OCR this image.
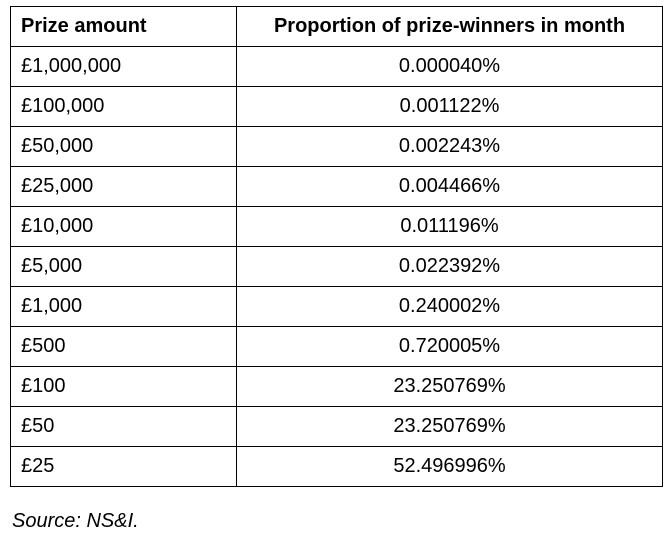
Prize amount	Proportion of prize-winners in month
£1,000,000	0.000040%
£100,000	0.001122%
£50,000	0.002243%
£25,000	0.004466%
£10,000	0.011196%
£5,000	0.022392%
£1,000	0.240002%
£500	0.720005%
£100	23.250769%
£50	23.250769%
£25	52.496996%
Source: NS&I.
